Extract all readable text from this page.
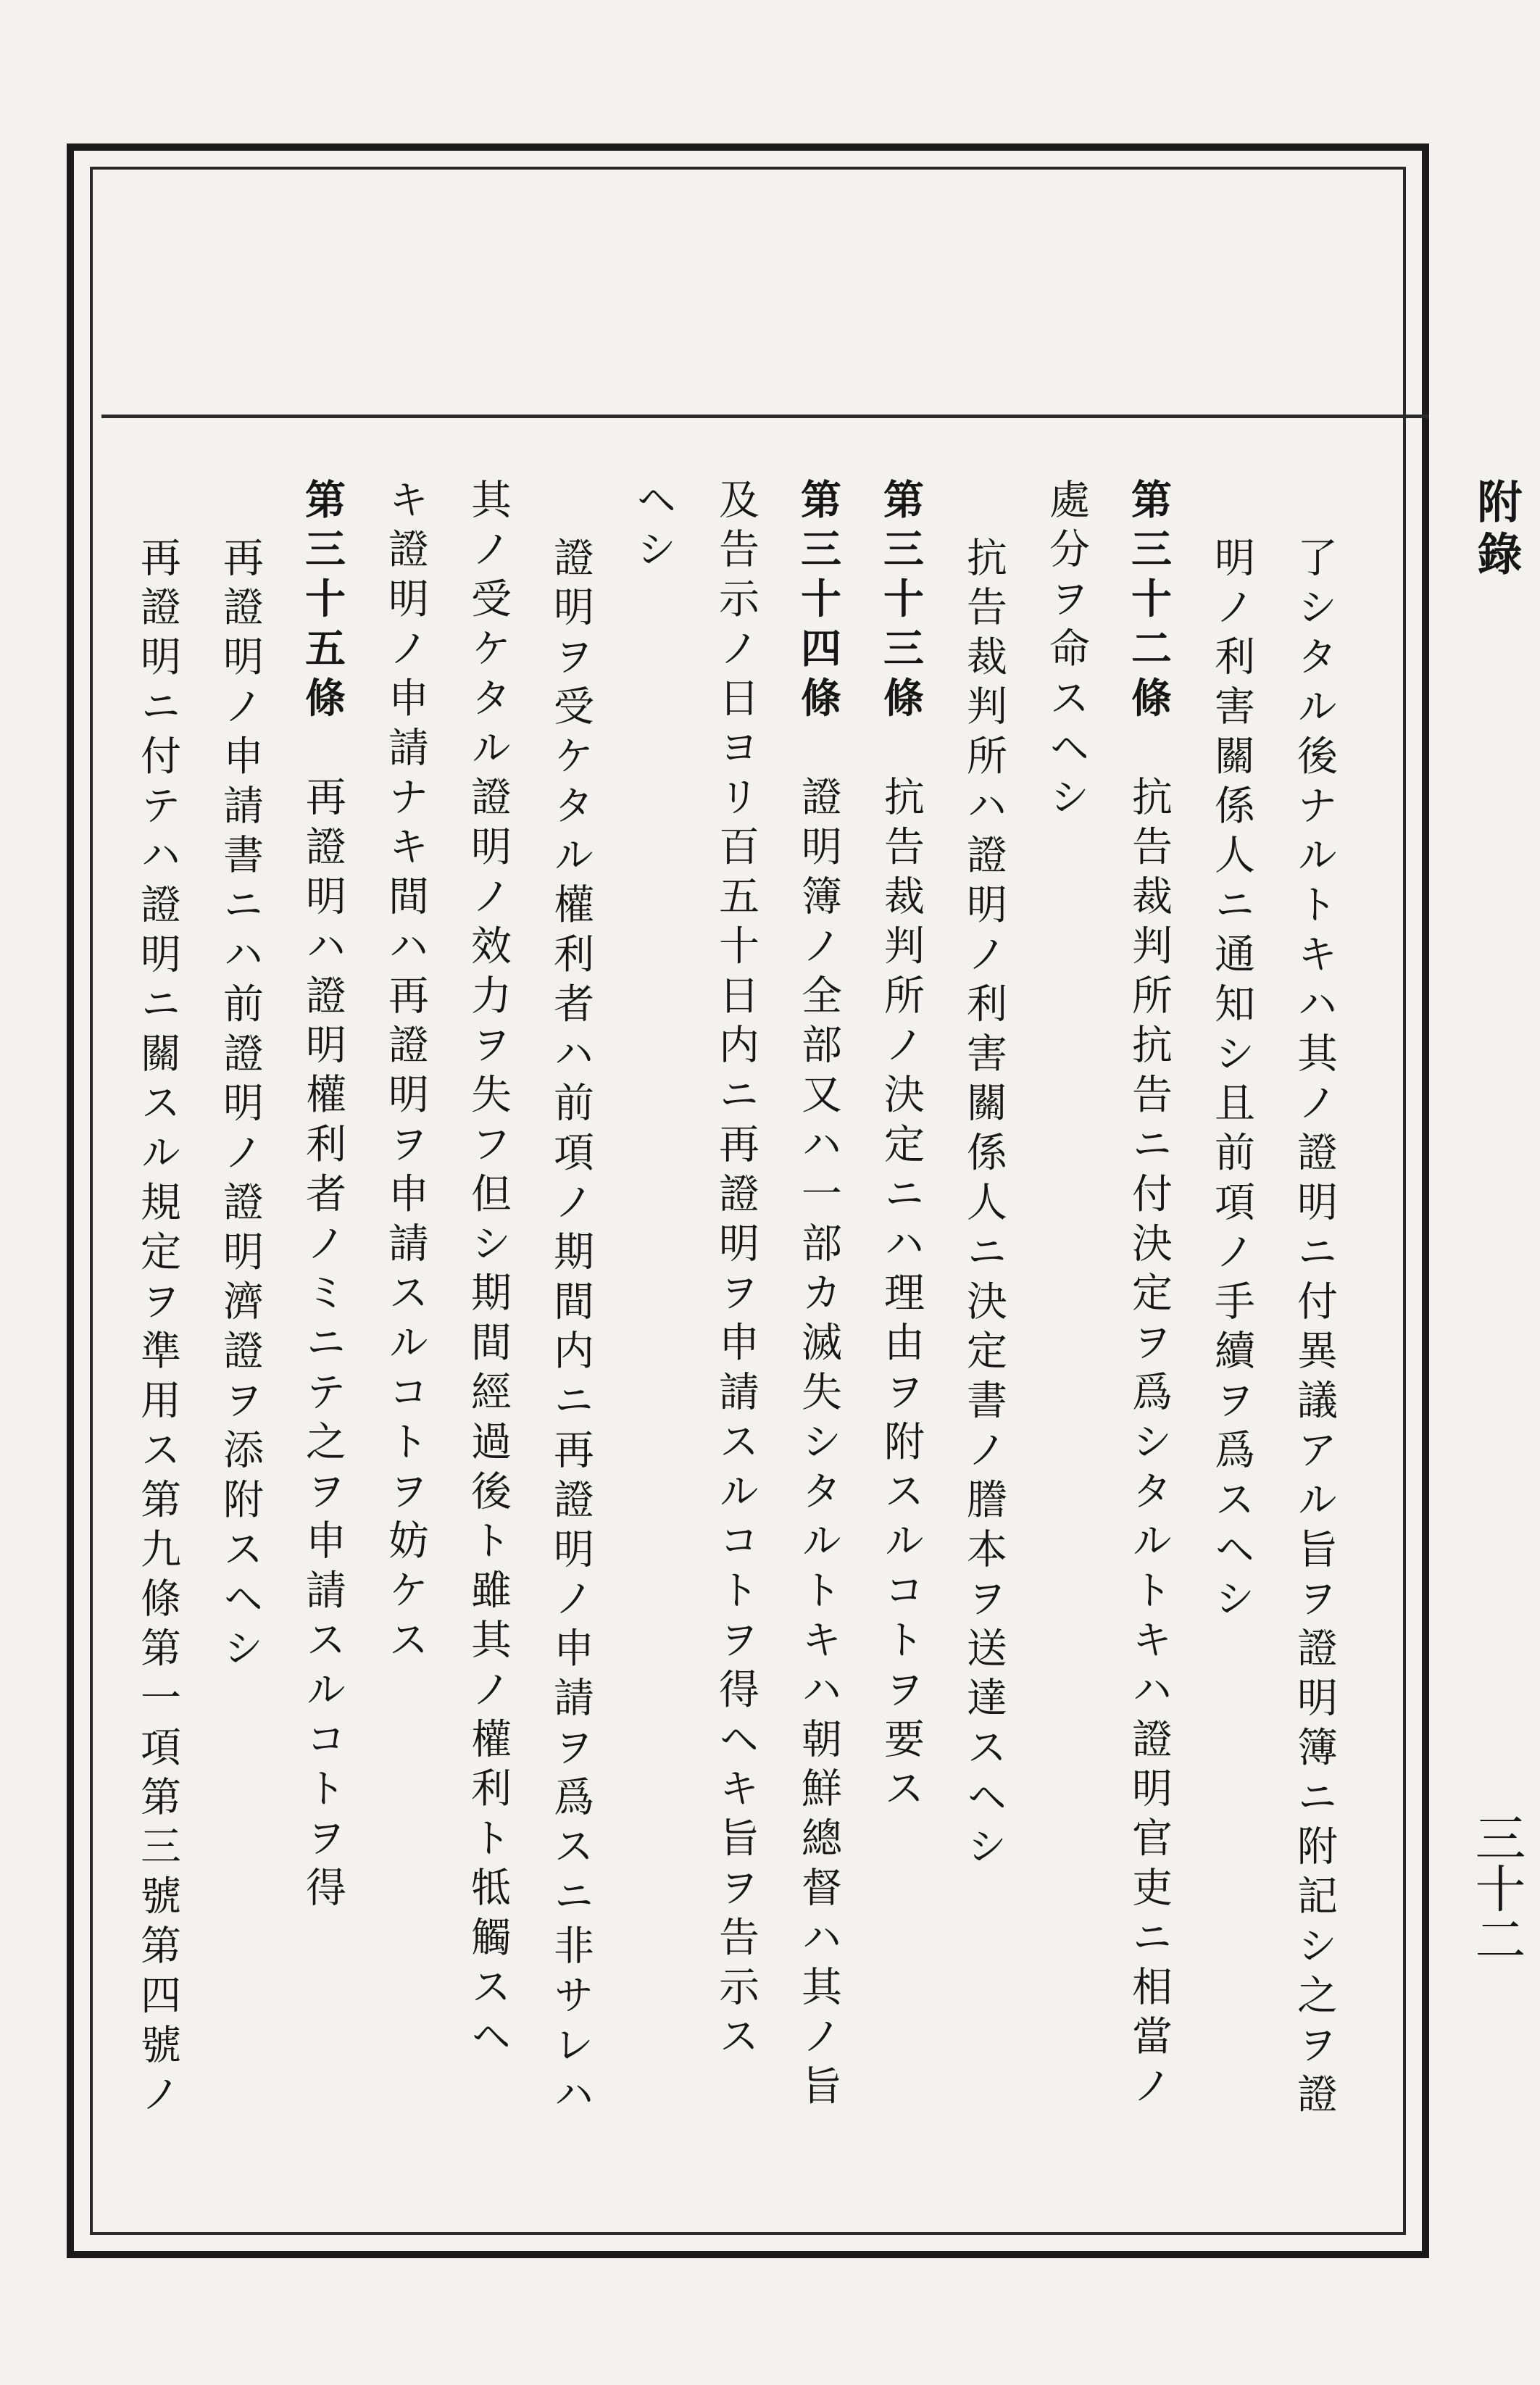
附錄
三十二
了シタル後ナルトキハ其ノ證明ニ付異議アル旨ヲ證明簿ニ附記シ之ヲ證
明ノ利害關係人ニ通知シ且前項ノ手續ヲ爲スヘシ
第三十二條　抗告裁判所抗告ニ付決定ヲ爲シタルトキハ證明官吏ニ相當ノ
處分ヲ命スヘシ
抗告裁判所ハ證明ノ利害關係人ニ決定書ノ謄本ヲ送達スヘシ
第三十三條　抗告裁判所ノ決定ニハ理由ヲ附スルコトヲ要ス
第三十四條　證明簿ノ全部又ハ一部カ滅失シタルトキハ朝鮮總督ハ其ノ旨
及告示ノ日ヨリ百五十日内ニ再證明ヲ申請スルコトヲ得ヘキ旨ヲ告示ス
ヘシ
證明ヲ受ケタル權利者ハ前項ノ期間内ニ再證明ノ申請ヲ爲スニ非サレハ
其ノ受ケタル證明ノ效力ヲ失フ但シ期間經過後ト雖其ノ權利ト牴觸スヘ
キ證明ノ申請ナキ間ハ再證明ヲ申請スルコトヲ妨ケス
第三十五條　再證明ハ證明權利者ノミニテ之ヲ申請スルコトヲ得
再證明ノ申請書ニハ前證明ノ證明濟證ヲ添附スヘシ
再證明ニ付テハ證明ニ關スル規定ヲ準用ス第九條第一項第三號第四號ノ
